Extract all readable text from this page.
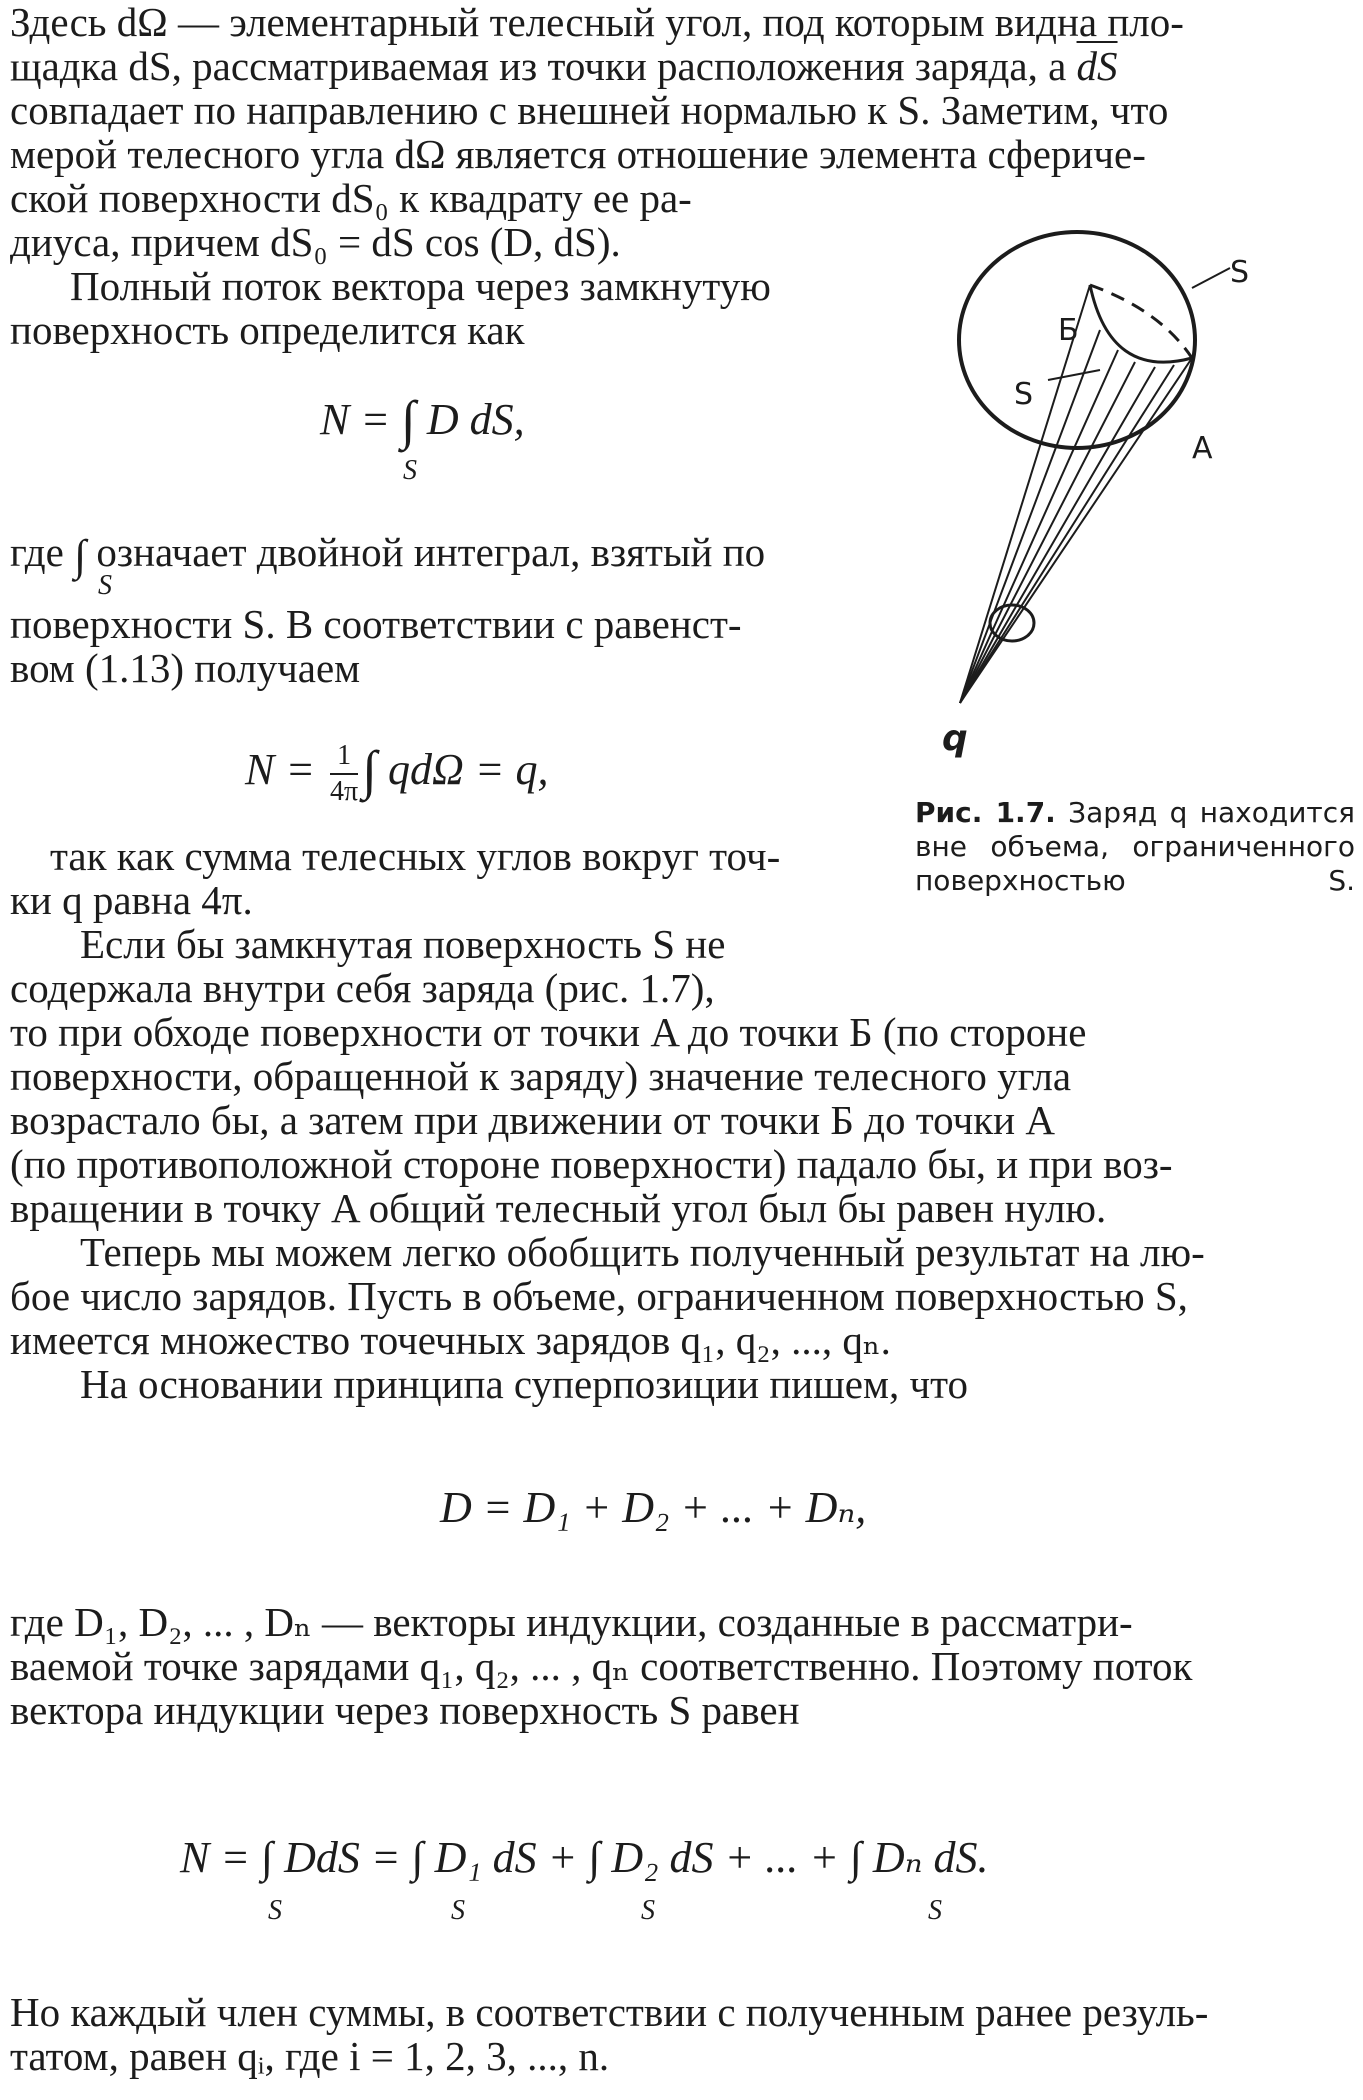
Здесь dΩ — элементарный телесный угол, под которым видна пло-
щадка dS, рассматриваемая из точки расположения заряда, а $\overline{dS}$
совпадает по направлению с внешней нормалью к S. Заметим, что
мерой телесного угла dΩ является отношение элемента сфериче-
ской поверхности dS₀ к квадрату ее ра-
диуса, причем dS₀ = dS cos (D, dS).
Полный поток вектора через замкнутую
поверхность определится как
N = ∫ D dS,
S
где ∫ означает двойной интеграл, взятый по
S
поверхности S. В соответствии с равенст-
вом (1.13) получаем
$N = \frac{1}{4\pi}$ ∫ qdΩ = q,
так как сумма телесных углов вокруг точ-
ки q равна 4π.
Если бы замкнутая поверхность S не
содержала внутри себя заряда (рис. 1.7),
то при обходе поверхности от точки A до точки Б (по стороне
поверхности, обращенной к заряду) значение телесного угла
возрастало бы, а затем при движении от точки Б до точки A
(по противоположной стороне поверхности) падало бы, и при воз-
вращении в точку A общий телесный угол был бы равен нулю.
Теперь мы можем легко обобщить полученный результат на лю-
бое число зарядов. Пусть в объеме, ограниченном поверхностью S,
имеется множество точечных зарядов q₁, q₂, ..., qₙ.
На основании принципа суперпозиции пишем, что
D = D₁ + D₂ + ... + Dₙ,
где D₁, D₂, ... , Dₙ — векторы индукции, созданные в рассматри-
ваемой точке зарядами q₁, q₂, ... , qₙ соответственно. Поэтому поток
вектора индукции через поверхность S равен
N = ∫ DdS = ∫ D₁ dS + ∫ D₂ dS + ... + ∫ Dₙ dS.
S	S	S	S
Но каждый член суммы, в соответствии с полученным ранее резуль-
татом, равен qᵢ, где i = 1, 2, 3, ..., n.
S
Б
S
A
q
Рис. 1.7. Заряд q находится вне объема, ограниченного поверхностью S.
